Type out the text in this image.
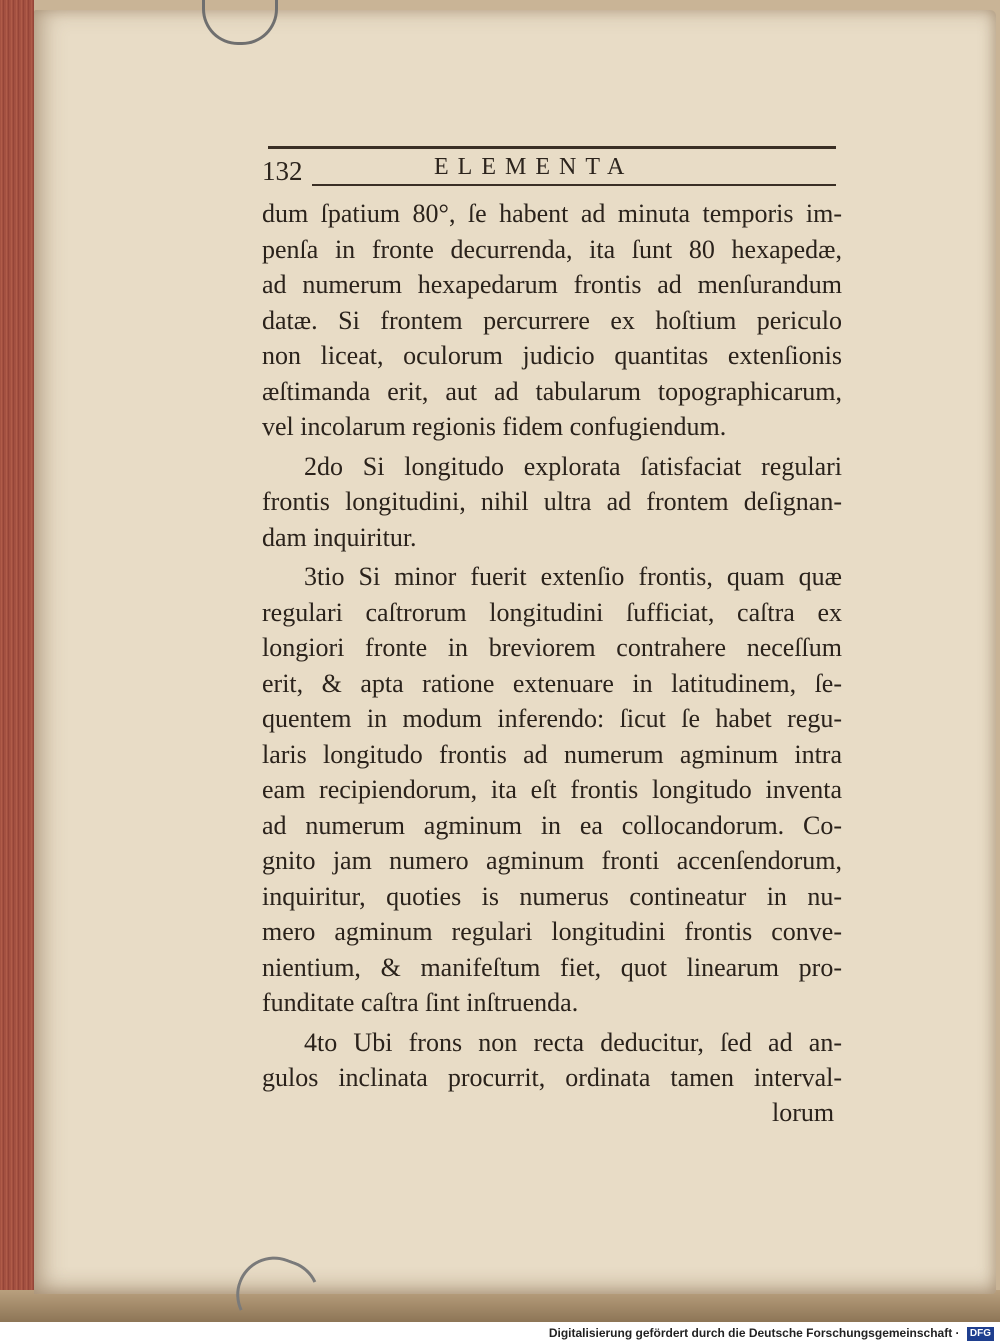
132	ELEMENTA
dum ſpatium 80°, ſe habent ad minuta temporis im-
penſa in fronte decurrenda, ita ſunt 80 hexapedæ,
ad numerum hexapedarum frontis ad menſurandum
datæ. Si frontem percurrere ex hoſtium periculo
non liceat, oculorum judicio quantitas extenſionis
æſtimanda erit, aut ad tabularum topographicarum,
vel incolarum regionis fidem confugiendum.
2do Si longitudo explorata ſatisfaciat regulari
frontis longitudini, nihil ultra ad frontem deſignan-
dam inquiritur.
3tio Si minor fuerit extenſio frontis, quam quæ
regulari caſtrorum longitudini ſufficiat, caſtra ex
longiori fronte in breviorem contrahere neceſſum
erit, & apta ratione extenuare in latitudinem, ſe-
quentem in modum inferendo: ſicut ſe habet regu-
laris longitudo frontis ad numerum agminum intra
eam recipiendorum, ita eſt frontis longitudo inventa
ad numerum agminum in ea collocandorum. Co-
gnito jam numero agminum fronti accenſendorum,
inquiritur, quoties is numerus contineatur in nu-
mero agminum regulari longitudini frontis conve-
nientium, & manifeſtum fiet, quot linearum pro-
funditate caſtra ſint inſtruenda.
4to Ubi frons non recta deducitur, ſed ad an-
gulos inclinata procurrit, ordinata tamen interval-
lorum
Digitalisierung gefördert durch die Deutsche Forschungsgemeinschaft · DFG
